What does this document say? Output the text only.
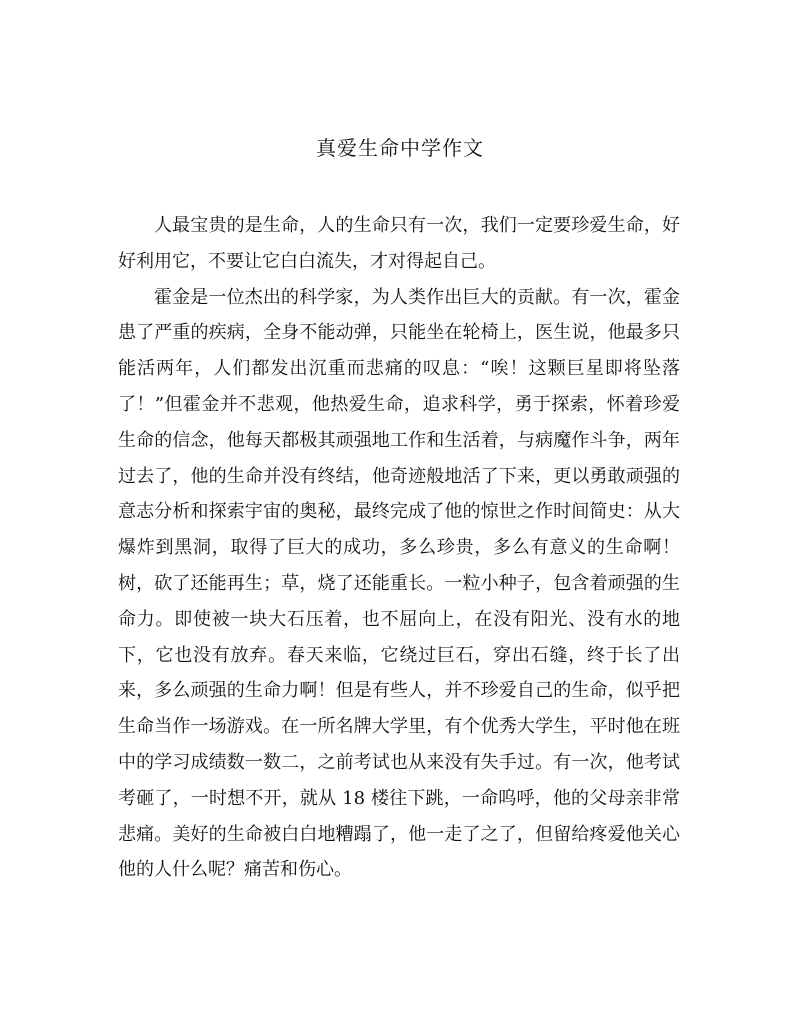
真爱生命中学作文

人最宝贵的是生命，人的生命只有一次，我们一定要珍爱生命，好好利用它，不要让它白白流失，才对得起自己。

霍金是一位杰出的科学家，为人类作出巨大的贡献。有一次，霍金患了严重的疾病，全身不能动弹，只能坐在轮椅上，医生说，他最多只能活两年，人们都发出沉重而悲痛的叹息：“唉！这颗巨星即将坠落了！”但霍金并不悲观，他热爱生命，追求科学，勇于探索，怀着珍爱生命的信念，他每天都极其顽强地工作和生活着，与病魔作斗争，两年过去了，他的生命并没有终结，他奇迹般地活了下来，更以勇敢顽强的意志分析和探索宇宙的奥秘，最终完成了他的惊世之作时间简史：从大爆炸到黑洞，取得了巨大的成功，多么珍贵，多么有意义的生命啊！树，砍了还能再生；草，烧了还能重长。一粒小种子，包含着顽强的生命力。即使被一块大石压着，也不屈向上，在没有阳光、没有水的地下，它也没有放弃。春天来临，它绕过巨石，穿出石缝，终于长了出来，多么顽强的生命力啊！但是有些人，并不珍爱自己的生命，似乎把生命当作一场游戏。在一所名牌大学里，有个优秀大学生，平时他在班中的学习成绩数一数二，之前考试也从来没有失手过。有一次，他考试考砸了，一时想不开，就从 18 楼往下跳，一命呜呼，他的父母亲非常悲痛。美好的生命被白白地糟蹋了，他一走了之了，但留给疼爱他关心他的人什么呢？痛苦和伤心。
